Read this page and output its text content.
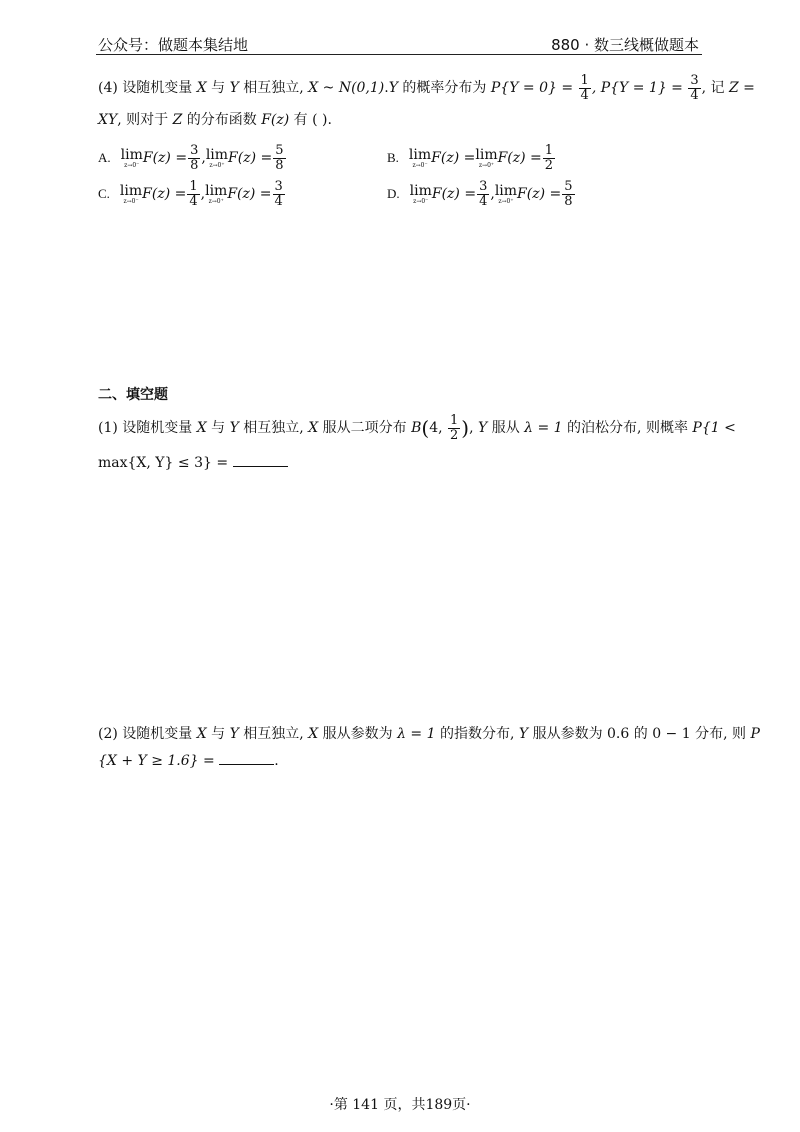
公众号：做题本集结地	880 · 数三线概做题本
(4) 设随机变量 X 与 Y 相互独立, X ~ N(0,1).Y 的概率分布为 $P\{Y = 0\} = \frac{1}{4}$ , $P\{Y = 1\} = \frac{3}{4}$ , 记 Z =
XY, 则对于 Z 的分布函数 F(z) 有 ( ).
A. lim
z→0⁻ $F(z) = \frac{3}{8}$ , lim
z→0⁺ $F(z) = \frac{5}{8}$	B. lim
z→0⁻ F(z) = lim
z→0⁺ $F(z) = \frac{1}{2}$
C. lim
z→0⁻ $F(z) = \frac{1}{4}$ , lim
z→0⁺ $F(z) = \frac{3}{4}$	D. lim
z→0⁻ $F(z) = \frac{3}{4}$ , lim
z→0⁺ $F(z) = \frac{5}{8}$
二、填空题
(1) 设随机变量 X 与 Y 相互独立, X 服从二项分布 B(4, $\frac{1}{2}$ ), Y 服从 λ = 1 的泊松分布, 则概率 P{1 <
max{X, Y} ≤ 3} =
(2) 设随机变量 X 与 Y 相互独立, X 服从参数为 λ = 1 的指数分布, Y 服从参数为 0.6 的 0 − 1 分布, 则 P
{X + Y ≥ 1.6} =	.
·第 141 页，共189页·
